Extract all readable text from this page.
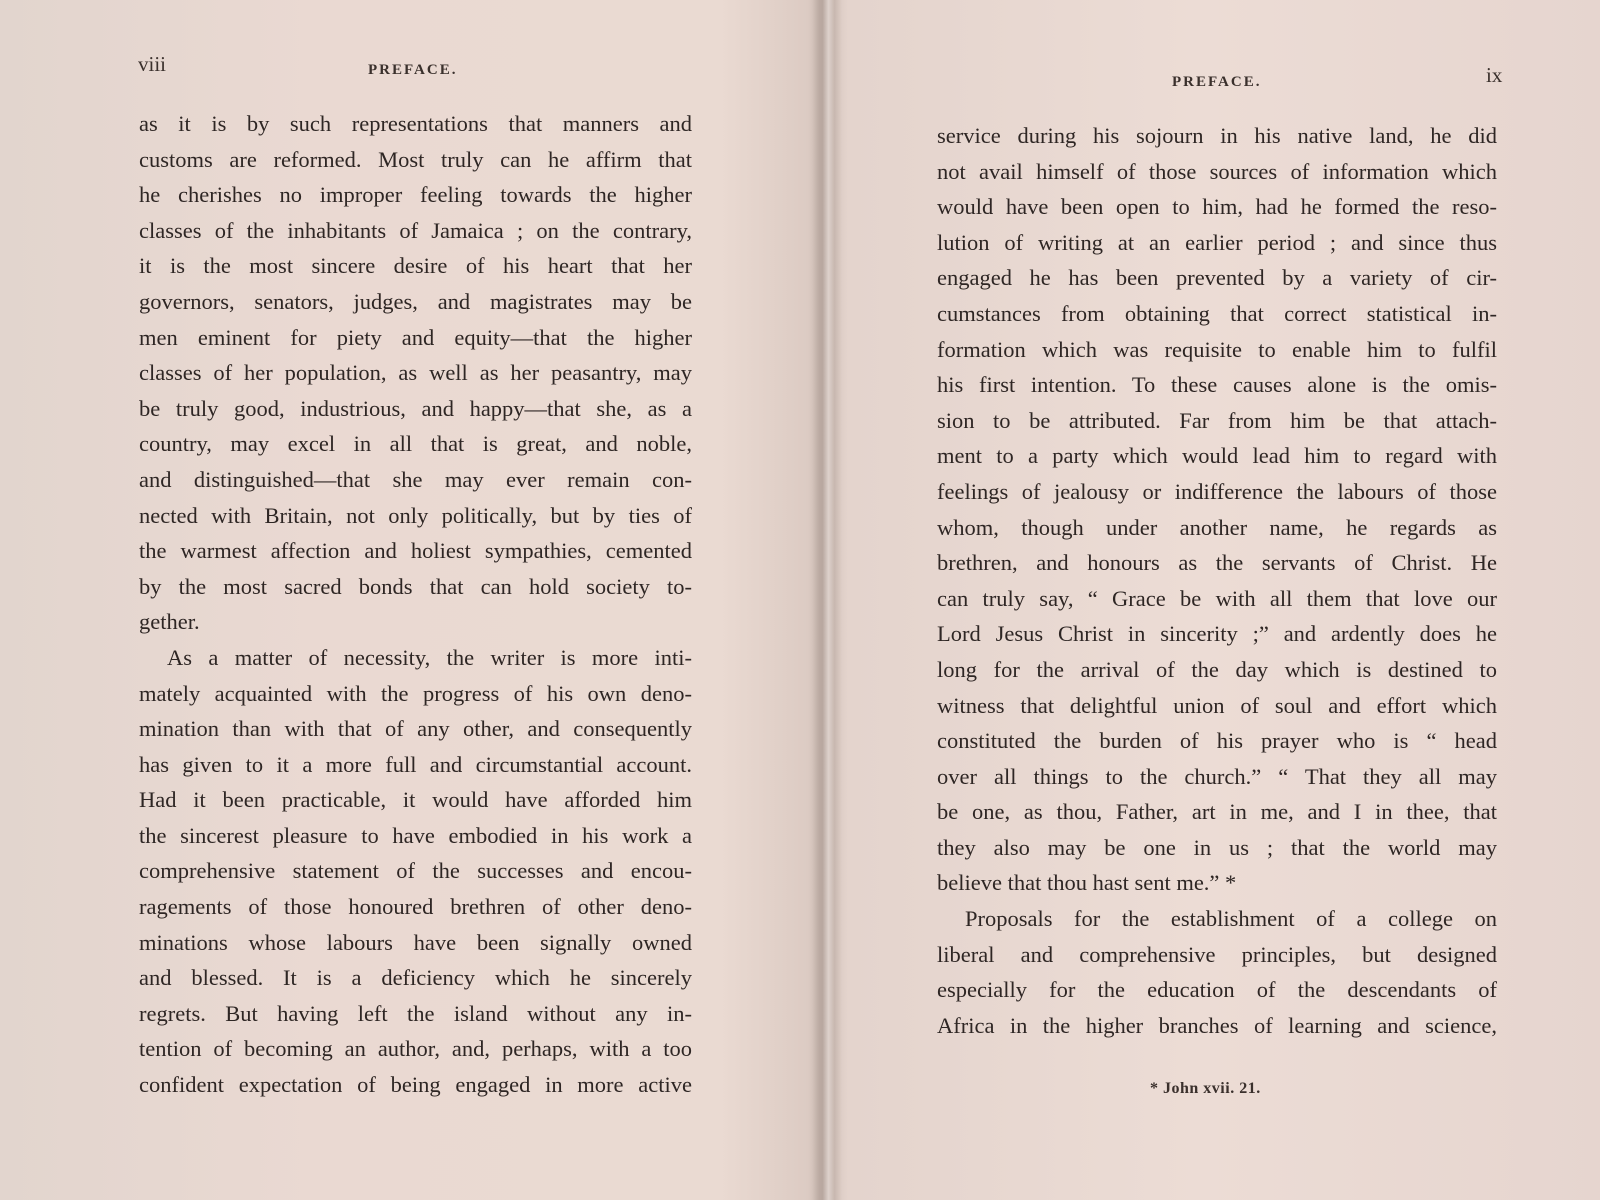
viii	PREFACE.
as it is by such representations that manners and
customs are reformed. Most truly can he affirm that
he cherishes no improper feeling towards the higher
classes of the inhabitants of Jamaica ; on the contrary,
it is the most sincere desire of his heart that her
governors, senators, judges, and magistrates may be
men eminent for piety and equity—that the higher
classes of her population, as well as her peasantry, may
be truly good, industrious, and happy—that she, as a
country, may excel in all that is great, and noble,
and distinguished—that she may ever remain con-
nected with Britain, not only politically, but by ties of
the warmest affection and holiest sympathies, cemented
by the most sacred bonds that can hold society to-
gether.
As a matter of necessity, the writer is more inti-
mately acquainted with the progress of his own deno-
mination than with that of any other, and consequently
has given to it a more full and circumstantial account.
Had it been practicable, it would have afforded him
the sincerest pleasure to have embodied in his work a
comprehensive statement of the successes and encou-
ragements of those honoured brethren of other deno-
minations whose labours have been signally owned
and blessed. It is a deficiency which he sincerely
regrets. But having left the island without any in-
tention of becoming an author, and, perhaps, with a too
confident expectation of being engaged in more active
PREFACE.	ix
service during his sojourn in his native land, he did
not avail himself of those sources of information which
would have been open to him, had he formed the reso-
lution of writing at an earlier period ; and since thus
engaged he has been prevented by a variety of cir-
cumstances from obtaining that correct statistical in-
formation which was requisite to enable him to fulfil
his first intention. To these causes alone is the omis-
sion to be attributed. Far from him be that attach-
ment to a party which would lead him to regard with
feelings of jealousy or indifference the labours of those
whom, though under another name, he regards as
brethren, and honours as the servants of Christ. He
can truly say, “ Grace be with all them that love our
Lord Jesus Christ in sincerity ;” and ardently does he
long for the arrival of the day which is destined to
witness that delightful union of soul and effort which
constituted the burden of his prayer who is “ head
over all things to the church.” “ That they all may
be one, as thou, Father, art in me, and I in thee, that
they also may be one in us ; that the world may
believe that thou hast sent me.” *
Proposals for the establishment of a college on
liberal and comprehensive principles, but designed
especially for the education of the descendants of
Africa in the higher branches of learning and science,
* John xvii. 21.
